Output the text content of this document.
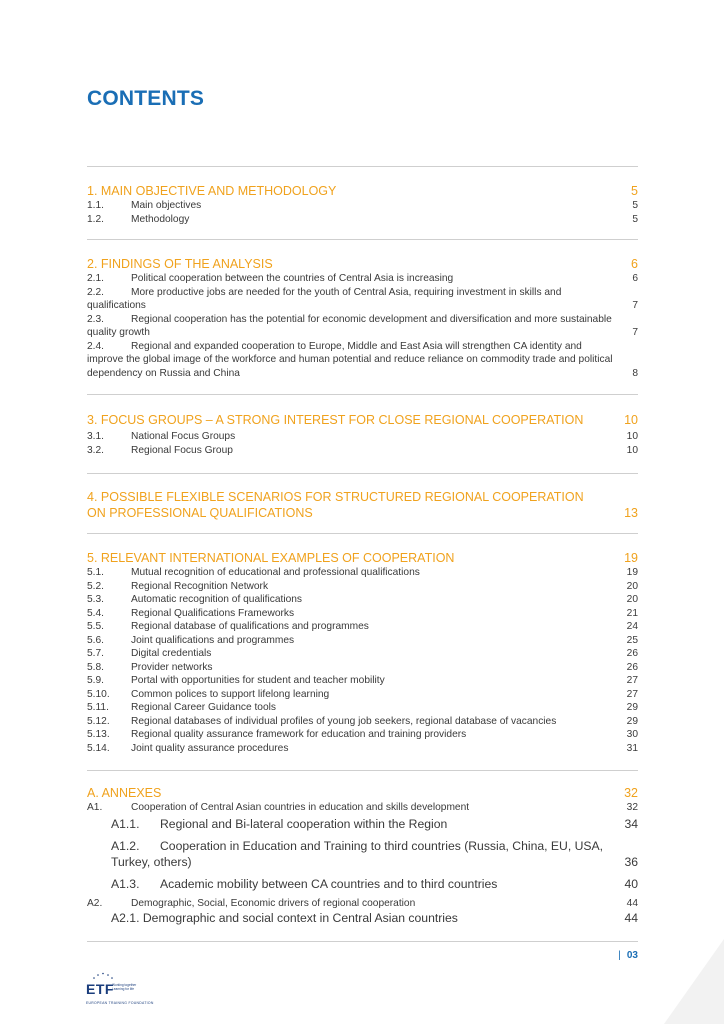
CONTENTS
1. MAIN OBJECTIVE AND METHODOLOGY	5
1.1.	Main objectives	5
1.2.	Methodology	5
2. FINDINGS OF THE ANALYSIS	6
2.1.	Political cooperation between the countries of Central Asia is increasing	6
2.2.	More productive jobs are needed for the youth of Central Asia, requiring investment in skills and qualifications	7
2.3.	Regional cooperation has the potential for economic development and diversification and more sustainable quality growth	7
2.4.	Regional and expanded cooperation to Europe, Middle and East Asia will strengthen CA identity and improve the global image of the workforce and human potential and reduce reliance on commodity trade and political dependency on Russia and China	8
3. FOCUS GROUPS – A STRONG INTEREST FOR CLOSE REGIONAL COOPERATION	10
3.1.	National Focus Groups	10
3.2.	Regional Focus Group	10
4. POSSIBLE FLEXIBLE SCENARIOS FOR STRUCTURED REGIONAL COOPERATION ON PROFESSIONAL QUALIFICATIONS	13
5. RELEVANT INTERNATIONAL EXAMPLES OF COOPERATION	19
5.1.	Mutual recognition of educational and professional qualifications	19
5.2.	Regional Recognition Network	20
5.3.	Automatic recognition of qualifications	20
5.4.	Regional Qualifications Frameworks	21
5.5.	Regional database of qualifications and programmes	24
5.6.	Joint qualifications and programmes	25
5.7.	Digital credentials	26
5.8.	Provider networks	26
5.9.	Portal with opportunities for student and teacher mobility	27
5.10. Common polices to support lifelong learning	27
5.11. Regional Career Guidance tools	29
5.12. Regional databases of individual profiles of young job seekers, regional database of vacancies	29
5.13. Regional quality assurance framework for education and training providers	30
5.14. Joint quality assurance procedures	31
A. ANNEXES	32
A1.	Cooperation of Central Asian countries in education and skills development	32
A1.1. Regional and Bi-lateral cooperation within the Region	34
A1.2. Cooperation in Education and Training to third countries (Russia, China, EU, USA, Turkey, others)	36
A1.3. Academic mobility between CA countries and to third countries	40
A2.	Demographic, Social, Economic drivers of regional cooperation	44
A2.1. Demographic and social context in Central Asian countries	44
| 03
ETF
Working together Learning for life
EUROPEAN TRAINING FOUNDATION
